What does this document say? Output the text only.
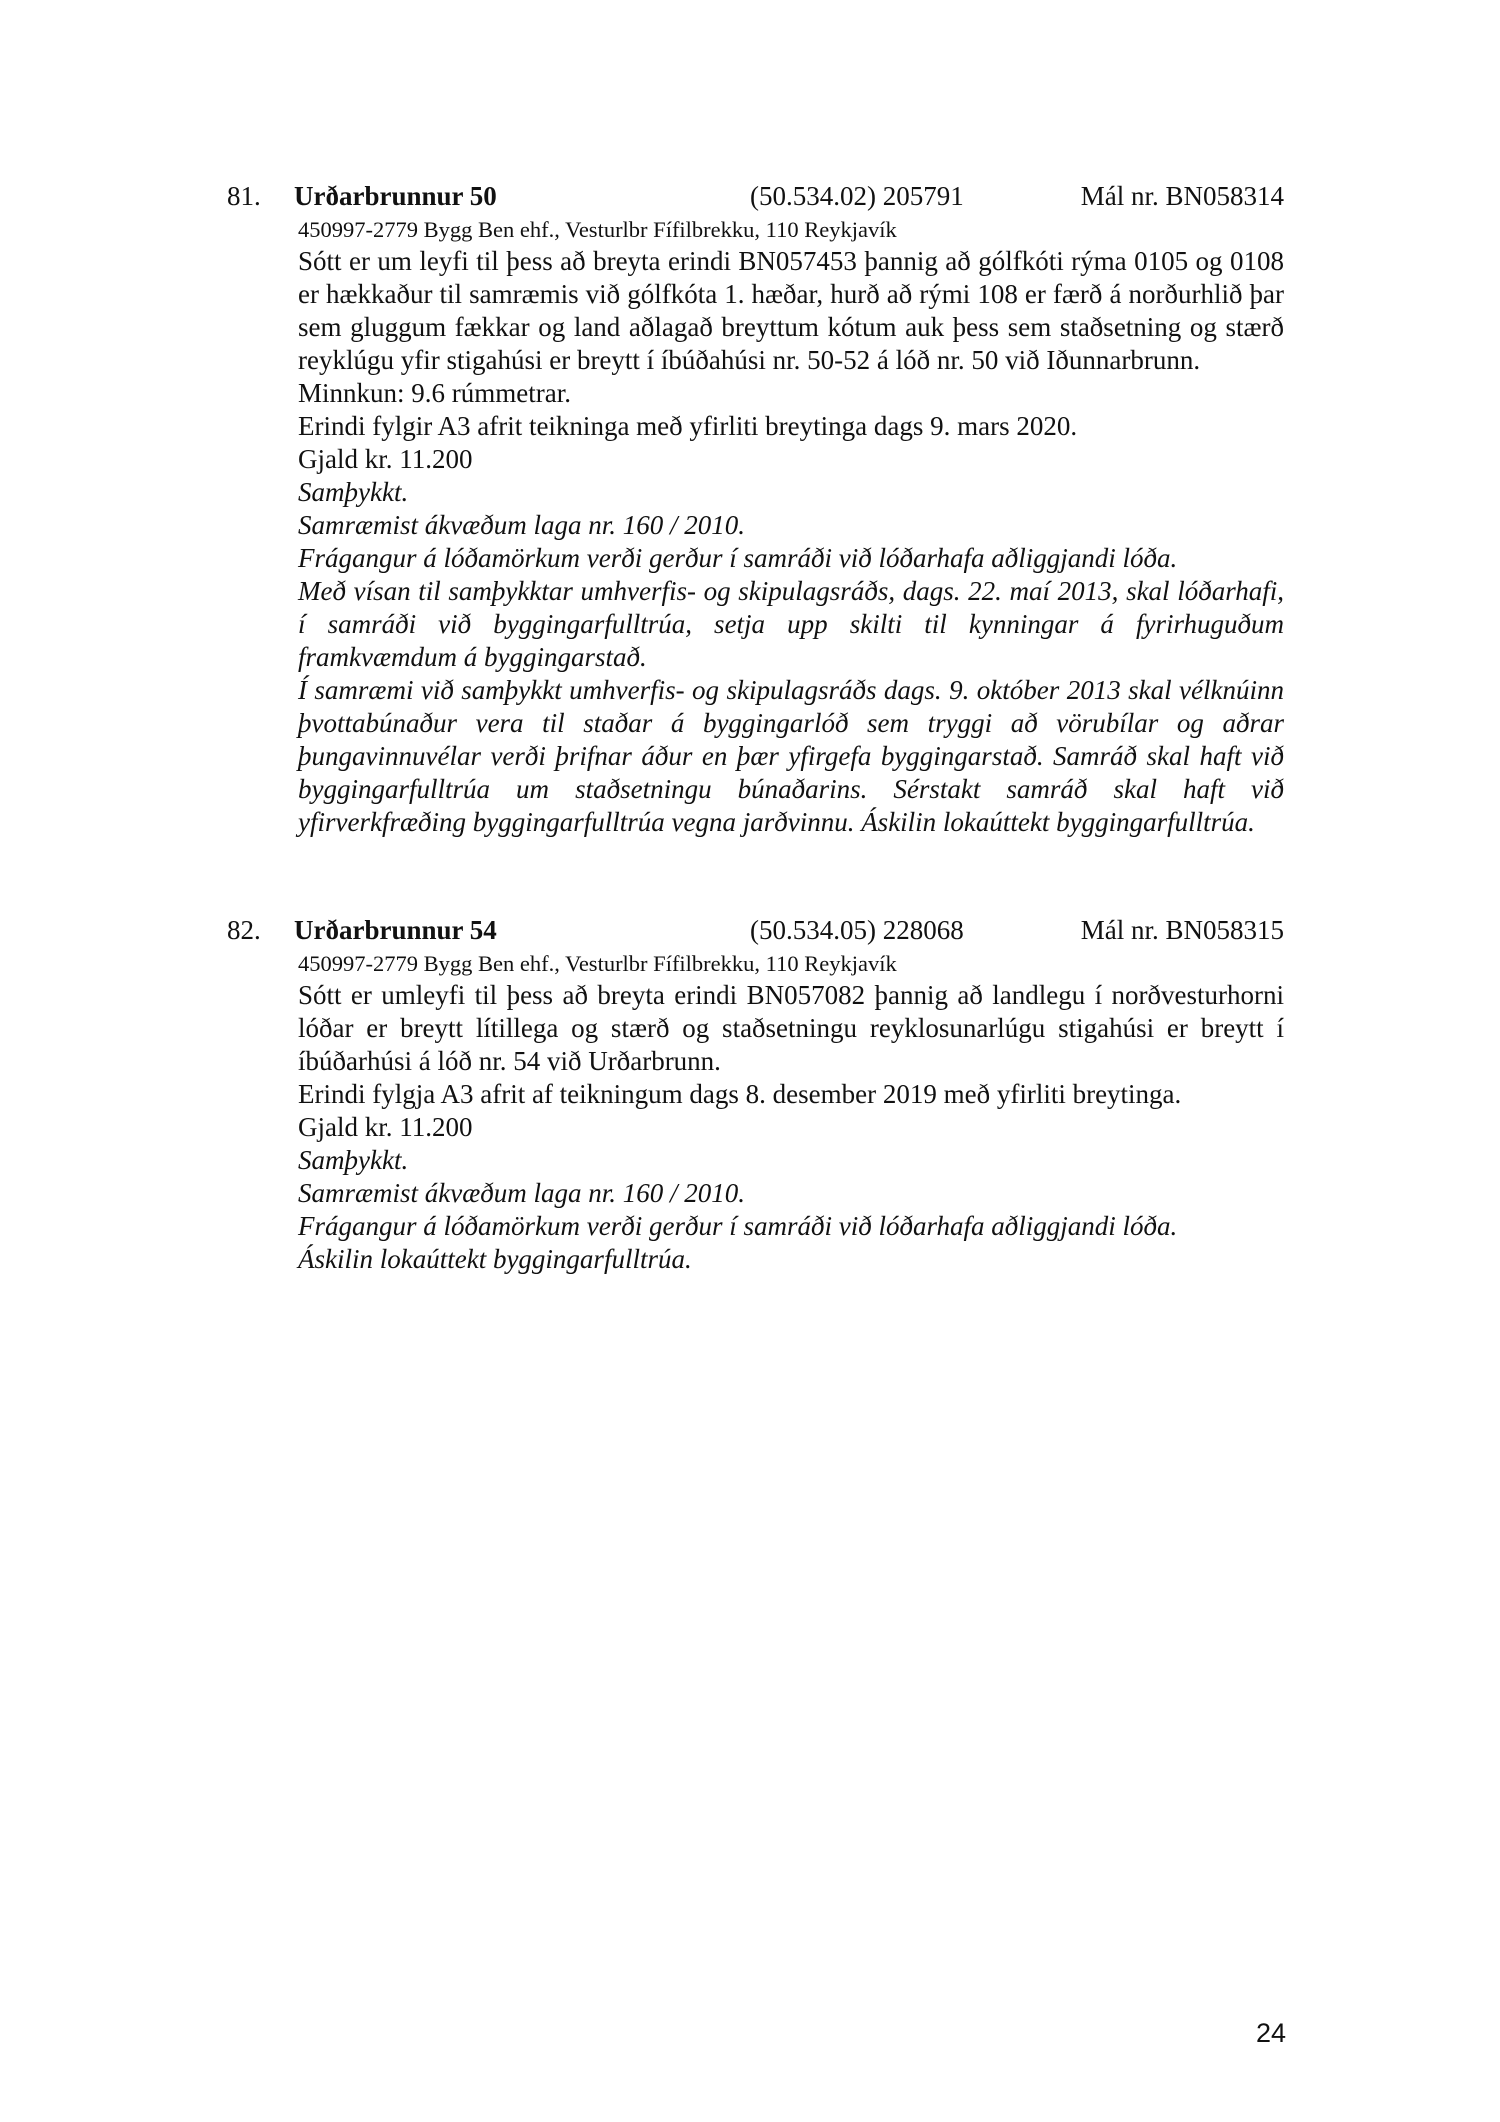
81. Urðarbrunnur 50	(50.534.02) 205791	Mál nr. BN058314
450997-2779 Bygg Ben ehf., Vesturlbr Fífilbrekku, 110 Reykjavík

Sótt er um leyfi til þess að breyta erindi BN057453 þannig að gólfkóti rýma 0105 og 0108 er hækkaður til samræmis við gólfkóta 1. hæðar, hurð að rými 108 er færð á norðurhlið þar sem gluggum fækkar og land aðlagað breyttum kótum auk þess sem staðsetning og stærð reyklúgu yfir stigahúsi er breytt í íbúðahúsi nr. 50-52 á lóð nr. 50 við Iðunnarbrunn.

Minnkun: 9.6 rúmmetrar.

Erindi fylgir A3 afrit teikninga með yfirliti breytinga dags 9. mars 2020.

Gjald kr. 11.200

Samþykkt.

Samræmist ákvæðum laga nr. 160 / 2010.

Frágangur á lóðamörkum verði gerður í samráði við lóðarhafa aðliggjandi lóða.

Með vísan til samþykktar umhverfis- og skipulagsráðs, dags. 22. maí 2013, skal lóðarhafi, í samráði við byggingarfulltrúa, setja upp skilti til kynningar á fyrirhuguðum framkvæmdum á byggingarstað.

Í samræmi við samþykkt umhverfis- og skipulagsráðs dags. 9. október 2013 skal vélknúinn þvottabúnaður vera til staðar á byggingarlóð sem tryggi að vörubílar og aðrar þungavinnuvélar verði þrifnar áður en þær yfirgefa byggingarstað. Samráð skal haft við byggingarfulltrúa um staðsetningu búnaðarins. Sérstakt samráð skal haft við yfirverkfræðing byggingarfulltrúa vegna jarðvinnu. Áskilin lokaúttekt byggingarfulltrúa.

82. Urðarbrunnur 54	(50.534.05) 228068	Mál nr. BN058315
450997-2779 Bygg Ben ehf., Vesturlbr Fífilbrekku, 110 Reykjavík

Sótt er umleyfi til þess að breyta erindi BN057082 þannig að landlegu í norðvesturhorni lóðar er breytt lítillega og stærð og staðsetningu reyklosunarlúgu stigahúsi er breytt í íbúðarhúsi á lóð nr. 54 við Urðarbrunn.

Erindi fylgja A3 afrit af teikningum dags 8. desember 2019 með yfirliti breytinga.

Gjald kr. 11.200

Samþykkt.

Samræmist ákvæðum laga nr. 160 / 2010.

Frágangur á lóðamörkum verði gerður í samráði við lóðarhafa aðliggjandi lóða.

Áskilin lokaúttekt byggingarfulltrúa.

24
